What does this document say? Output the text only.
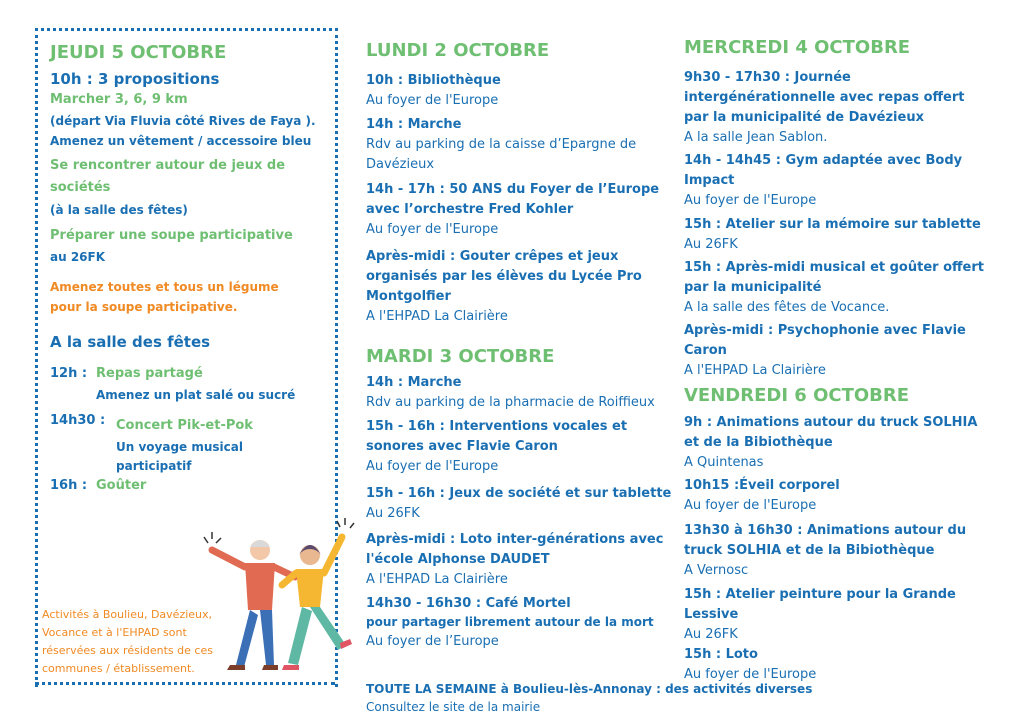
JEUDI 5 OCTOBRE
10h : 3 propositions
Marcher 3, 6, 9 km
(départ Via Fluvia côté Rives de Faya ).
Amenez un vêtement / accessoire bleu
Se rencontrer autour de jeux de
sociétés
(à la salle des fêtes)
Préparer une soupe participative
au 26FK
Amenez toutes et tous un légume
pour la soupe participative.
A la salle des fêtes
12h : Repas partagé
Amenez un plat salé ou sucré
14h30 : Concert Pik-et-Pok
Un voyage musical
participatif
16h : Goûter
Activités à Boulieu, Davézieux,
Vocance et à l'EHPAD sont
réservées aux résidents de ces
communes / établissement.
LUNDI 2 OCTOBRE
10h : Bibliothèque
Au foyer de l'Europe
14h : Marche
Rdv au parking de la caisse d’Epargne de
Davézieux
14h - 17h : 50 ANS du Foyer de l’Europe
avec l’orchestre Fred Kohler
Au foyer de l'Europe
Après-midi : Gouter crêpes et jeux
organisés par les élèves du Lycée Pro
Montgolfier
A l'EHPAD La Clairière
MARDI 3 OCTOBRE
14h : Marche
Rdv au parking de la pharmacie de Roiffieux
15h - 16h : Interventions vocales et
sonores avec Flavie Caron
Au foyer de l'Europe
15h - 16h : Jeux de société et sur tablette
Au 26FK
Après-midi : Loto inter-générations avec
l'école Alphonse DAUDET
A l'EHPAD La Clairière
14h30 - 16h30 : Café Mortel
pour partager librement autour de la mort
Au foyer de l’Europe
TOUTE LA SEMAINE à Boulieu-lès-Annonay : des activités diverses
Consultez le site de la mairie
MERCREDI 4 OCTOBRE
9h30 - 17h30 : Journée
intergénérationnelle avec repas offert
par la municipalité de Davézieux
A la salle Jean Sablon.
14h - 14h45 : Gym adaptée avec Body
Impact
Au foyer de l'Europe
15h : Atelier sur la mémoire sur tablette
Au 26FK
15h : Après-midi musical et goûter offert
par la municipalité
A la salle des fêtes de Vocance.
Après-midi : Psychophonie avec Flavie
Caron
A l'EHPAD La Clairière
VENDREDI 6 OCTOBRE
9h : Animations autour du truck SOLHIA
et de la Bibiothèque
A Quintenas
10h15 :Éveil corporel
Au foyer de l'Europe
13h30 à 16h30 : Animations autour du
truck SOLHIA et de la Bibiothèque
A Vernosc
15h : Atelier peinture pour la Grande
Lessive
Au 26FK
15h : Loto
Au foyer de l'Europe
